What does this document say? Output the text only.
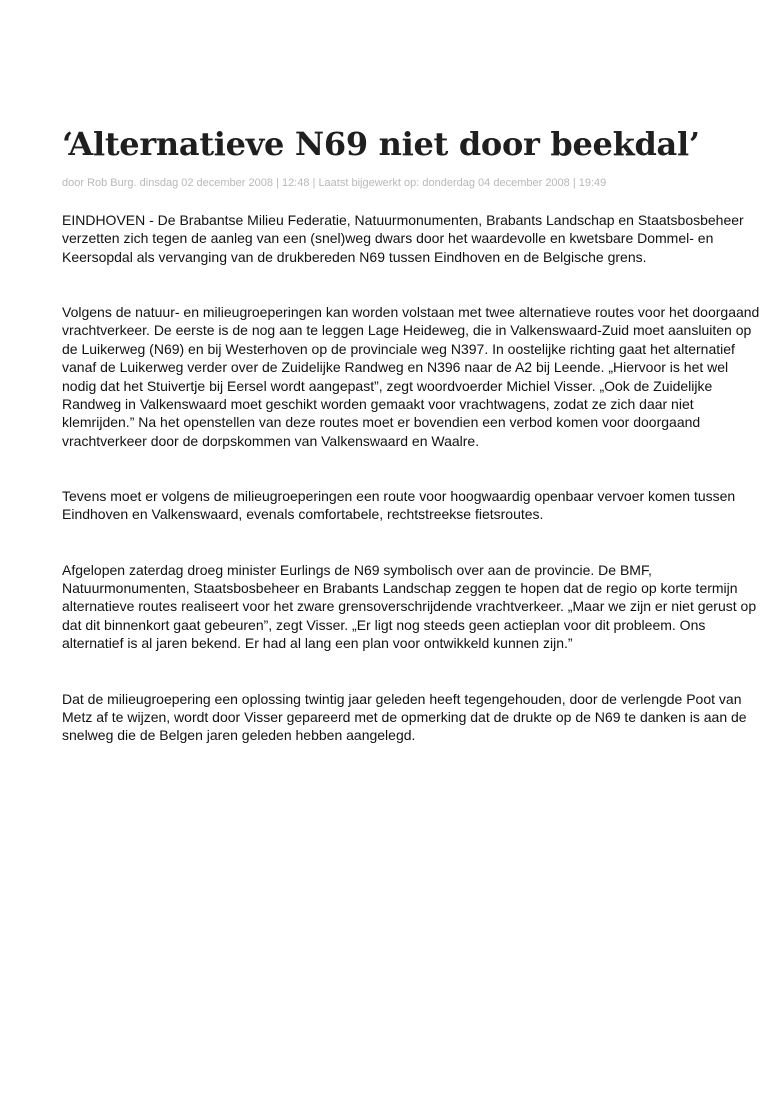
‘Alternatieve N69 niet door beekdal’
door Rob Burg. dinsdag 02 december 2008 | 12:48 | Laatst bijgewerkt op: donderdag 04 december 2008 | 19:49

EINDHOVEN - De Brabantse Milieu Federatie, Natuurmonumenten, Brabants Landschap en Staatsbosbeheer verzetten zich tegen de aanleg van een (snel)weg dwars door het waardevolle en kwetsbare Dommel- en Keersopdal als vervanging van de drukbereden N69 tussen Eindhoven en de Belgische grens.

Volgens de natuur- en milieugroeperingen kan worden volstaan met twee alternatieve routes voor het doorgaand vrachtverkeer. De eerste is de nog aan te leggen Lage Heideweg, die in Valkenswaard-Zuid moet aansluiten op de Luikerweg (N69) en bij Westerhoven op de provinciale weg N397. In oostelijke richting gaat het alternatief vanaf de Luikerweg verder over de Zuidelijke Randweg en N396 naar de A2 bij Leende. „Hiervoor is het wel nodig dat het Stuivertje bij Eersel wordt aangepast”, zegt woordvoerder Michiel Visser. „Ook de Zuidelijke Randweg in Valkenswaard moet geschikt worden gemaakt voor vrachtwagens, zodat ze zich daar niet klemrijden.” Na het openstellen van deze routes moet er bovendien een verbod komen voor doorgaand vrachtverkeer door de dorpskommen van Valkenswaard en Waalre.

Tevens moet er volgens de milieugroeperingen een route voor hoogwaardig openbaar vervoer komen tussen Eindhoven en Valkenswaard, evenals comfortabele, rechtstreekse fietsroutes.

Afgelopen zaterdag droeg minister Eurlings de N69 symbolisch over aan de provincie. De BMF, Natuurmonumenten, Staatsbosbeheer en Brabants Landschap zeggen te hopen dat de regio op korte termijn alternatieve routes realiseert voor het zware grensoverschrijdende vrachtverkeer. „Maar we zijn er niet gerust op dat dit binnenkort gaat gebeuren”, zegt Visser. „Er ligt nog steeds geen actieplan voor dit probleem. Ons alternatief is al jaren bekend. Er had al lang een plan voor ontwikkeld kunnen zijn.”

Dat de milieugroepering een oplossing twintig jaar geleden heeft tegengehouden, door de verlengde Poot van Metz af te wijzen, wordt door Visser gepareerd met de opmerking dat de drukte op de N69 te danken is aan de snelweg die de Belgen jaren geleden hebben aangelegd.
